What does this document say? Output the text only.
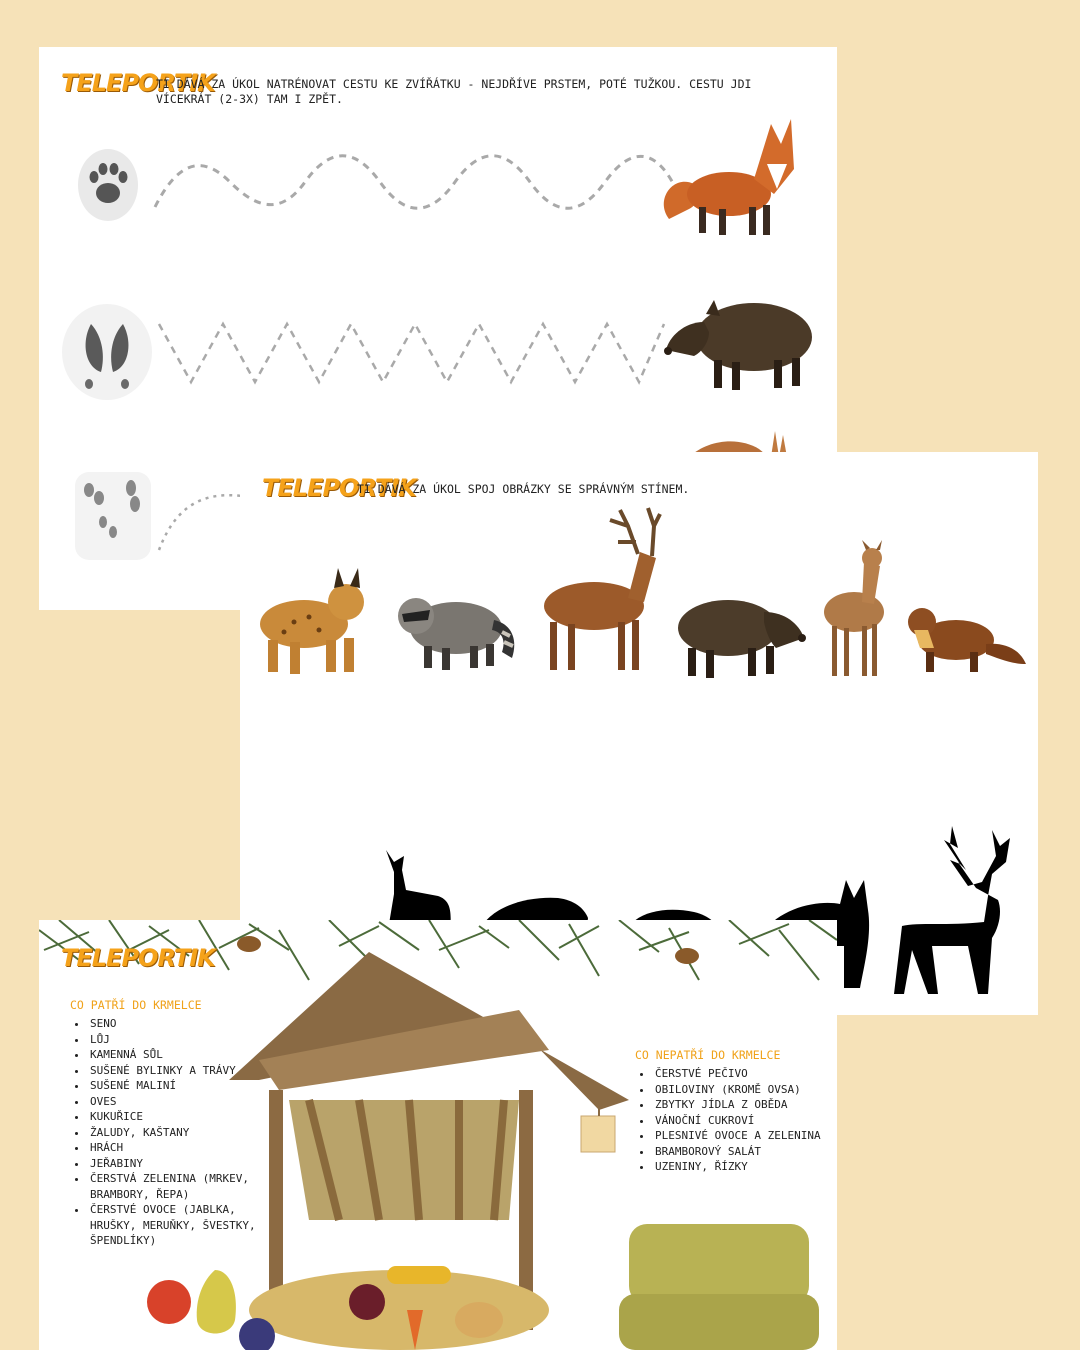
TELEPORTIK
TI DÁVÁ ZA ÚKOL NATRÉNOVAT CESTU KE ZVÍŘÁTKU - NEJDŘÍVE PRSTEM, POTÉ TUŽKOU. CESTU JDI VÍCEKRÁT (2-3X) TAM I ZPĚT.
TELEPORTIK
TI DÁVÁ ZA ÚKOL SPOJ OBRÁZKY SE SPRÁVNÝM STÍNEM.
TELEPORTIK
CO PATŘÍ DO KRMELCE
• SENO
• LŮJ
• KAMENNÁ SŮL
• SUŠENÉ BYLINKY A TRÁVY
• SUŠENÉ MALINÍ
• OVES
• KUKUŘICE
• ŽALUDY, KAŠTANY
• HRÁCH
• JEŘABINY
• ČERSTVÁ ZELENINA (MRKEV, BRAMBORY, ŘEPA)
• ČERSTVÉ OVOCE (JABLKA, HRUŠKY, MERUŇKY, ŠVESTKY, ŠPENDLÍKY)
CO NEPATŘÍ DO KRMELCE
• ČERSTVÉ PEČIVO
• OBILOVINY (KROMĚ OVSA)
• ZBYTKY JÍDLA Z OBĚDA
• VÁNOČNÍ CUKROVÍ
• PLESNIVÉ OVOCE A ZELENINA
• BRAMBOROVÝ SALÁT
• UZENINY, ŘÍZKY
